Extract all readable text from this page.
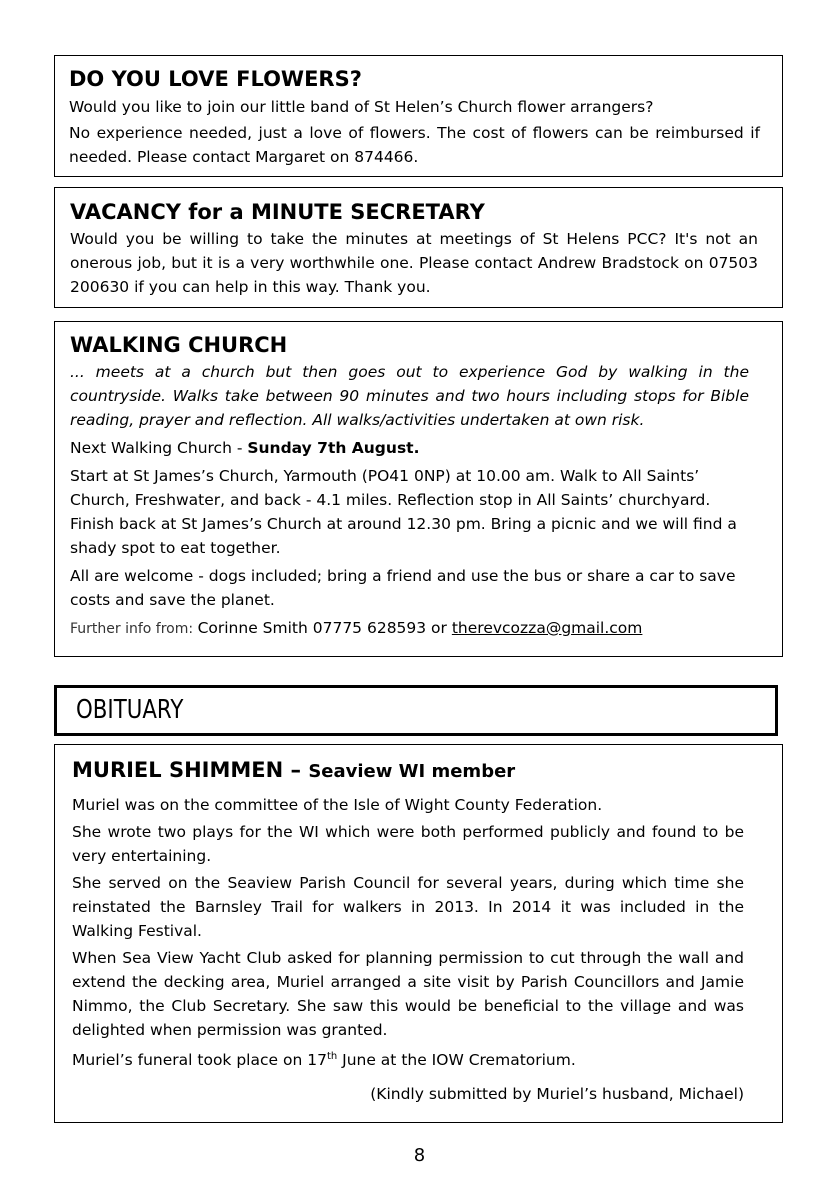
DO YOU LOVE FLOWERS?

Would you like to join our little band of St Helen’s Church flower arrangers?

No experience needed, just a love of flowers. The cost of flowers can be reimbursed if needed. Please contact Margaret on 874466.

VACANCY for a MINUTE SECRETARY

Would you be willing to take the minutes at meetings of St Helens PCC? It's not an onerous job, but it is a very worthwhile one. Please contact Andrew Bradstock on 07503 200630 if you can help in this way. Thank you.

WALKING CHURCH

... meets at a church but then goes out to experience God by walking in the countryside. Walks take between 90 minutes and two hours including stops for Bible reading, prayer and reflection. All walks/activities undertaken at own risk.

Next Walking Church - Sunday 7th August.

Start at St James’s Church, Yarmouth (PO41 0NP) at 10.00 am. Walk to All Saints’ Church, Freshwater, and back - 4.1 miles. Reflection stop in All Saints’ churchyard. Finish back at St James’s Church at around 12.30 pm. Bring a picnic and we will find a shady spot to eat together.

All are welcome - dogs included; bring a friend and use the bus or share a car to save costs and save the planet.

Further info from: Corinne Smith 07775 628593 or therevcozza@gmail.com

OBITUARY
MURIEL SHIMMEN – Seaview WI member

Muriel was on the committee of the Isle of Wight County Federation.

She wrote two plays for the WI which were both performed publicly and found to be very entertaining.

She served on the Seaview Parish Council for several years, during which time she reinstated the Barnsley Trail for walkers in 2013. In 2014 it was included in the Walking Festival.

When Sea View Yacht Club asked for planning permission to cut through the wall and extend the decking area, Muriel arranged a site visit by Parish Councillors and Jamie Nimmo, the Club Secretary. She saw this would be beneficial to the village and was delighted when permission was granted.

Muriel’s funeral took place on 17th June at the IOW Crematorium.

(Kindly submitted by Muriel’s husband, Michael)

8
